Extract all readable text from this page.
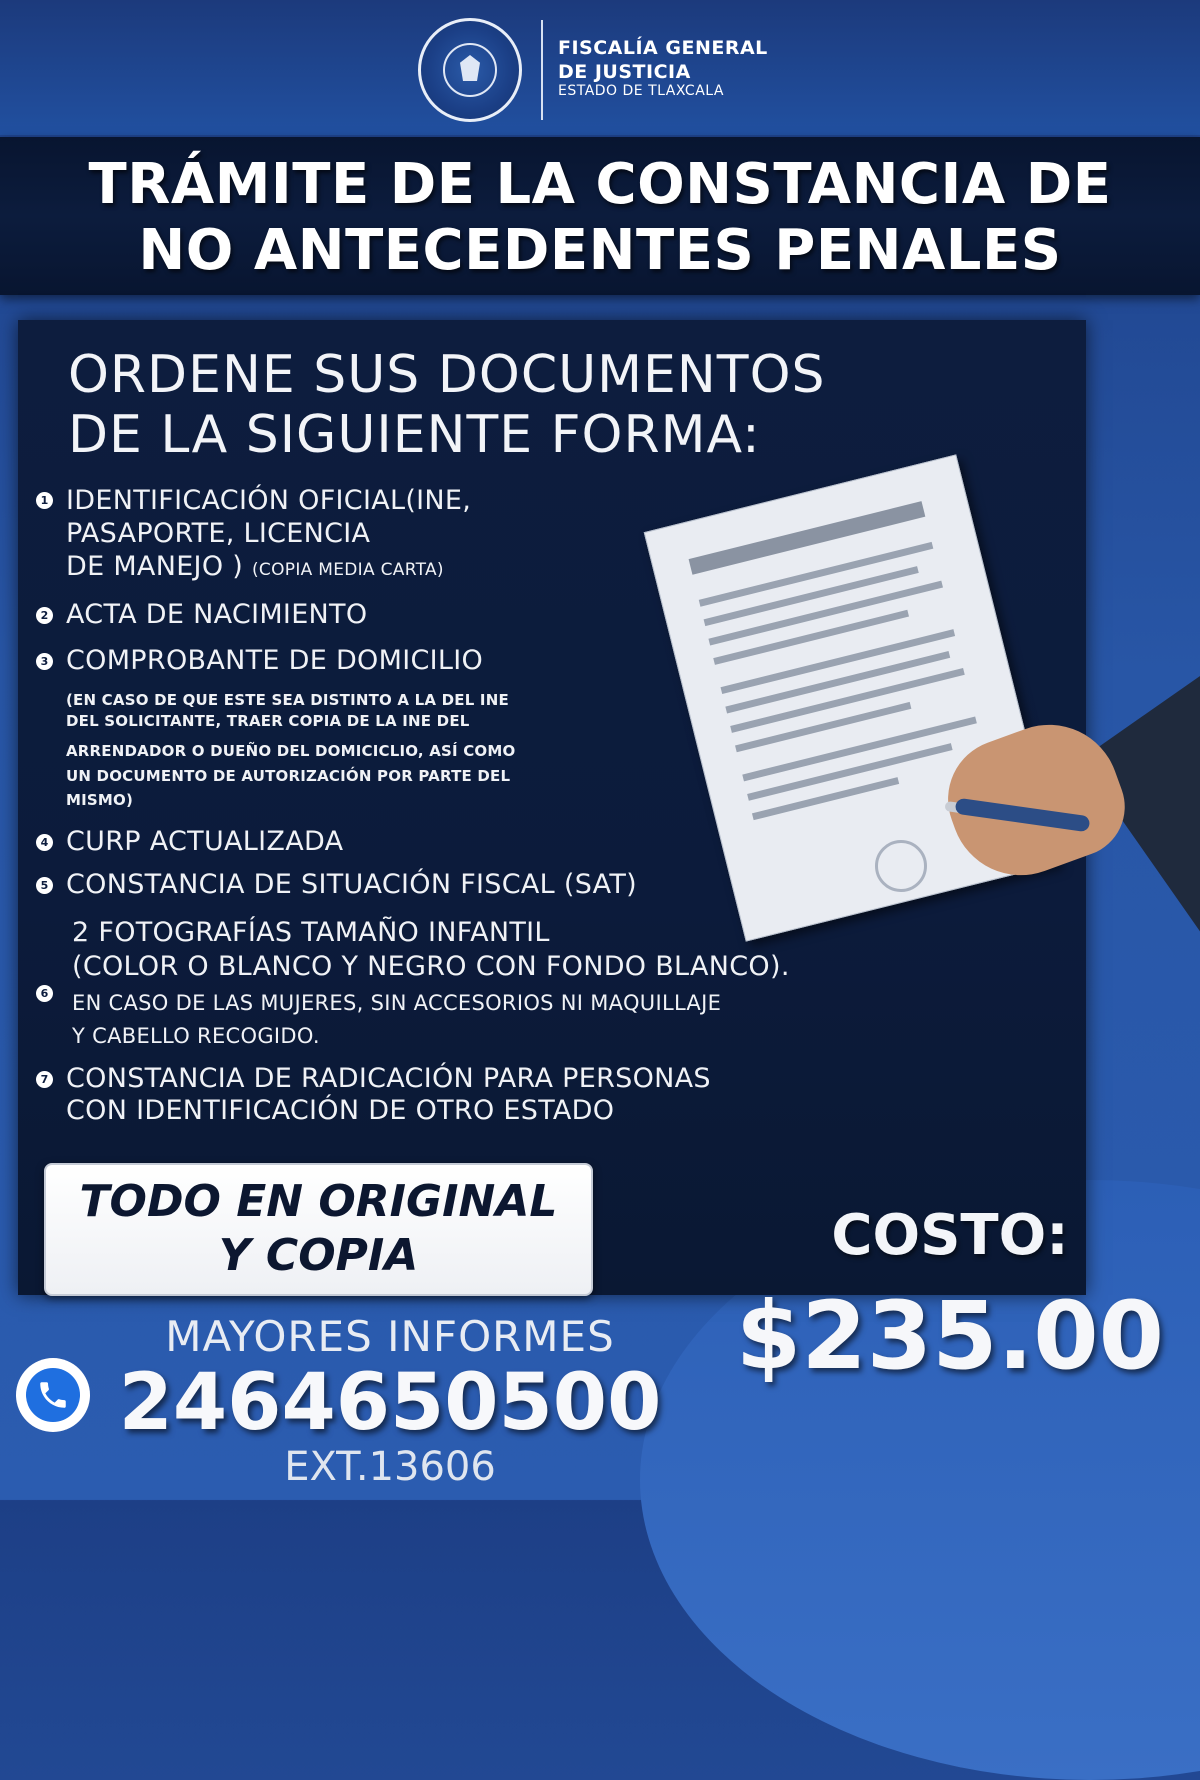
FISCALÍA GENERAL
DE JUSTICIA
ESTADO DE TLAXCALA
TRÁMITE DE LA CONSTANCIA DE
NO ANTECEDENTES PENALES
ORDENE SUS DOCUMENTOS
DE LA SIGUIENTE FORMA:
1 IDENTIFICACIÓN OFICIAL(INE,
PASAPORTE, LICENCIA
DE MANEJO ) (COPIA MEDIA CARTA)
2 ACTA DE NACIMIENTO
3 COMPROBANTE DE DOMICILIO
(EN CASO DE QUE ESTE SEA DISTINTO A LA DEL INE
DEL SOLICITANTE, TRAER COPIA DE LA INE DEL
ARRENDADOR O DUEÑO DEL DOMICICLIO, ASÍ COMO
UN DOCUMENTO DE AUTORIZACIÓN POR PARTE DEL
MISMO)
4 CURP ACTUALIZADA
5 CONSTANCIA DE SITUACIÓN FISCAL (SAT)
6
2 FOTOGRAFÍAS TAMAÑO INFANTIL
(COLOR O BLANCO Y NEGRO CON FONDO BLANCO).
EN CASO DE LAS MUJERES, SIN ACCESORIOS NI MAQUILLAJE
Y CABELLO RECOGIDO.
7 CONSTANCIA DE RADICACIÓN PARA PERSONAS
CON IDENTIFICACIÓN DE OTRO ESTADO
TODO EN ORIGINAL
Y COPIA	COSTO:
$235.00
MAYORES INFORMES
2464650500
EXT.13606
